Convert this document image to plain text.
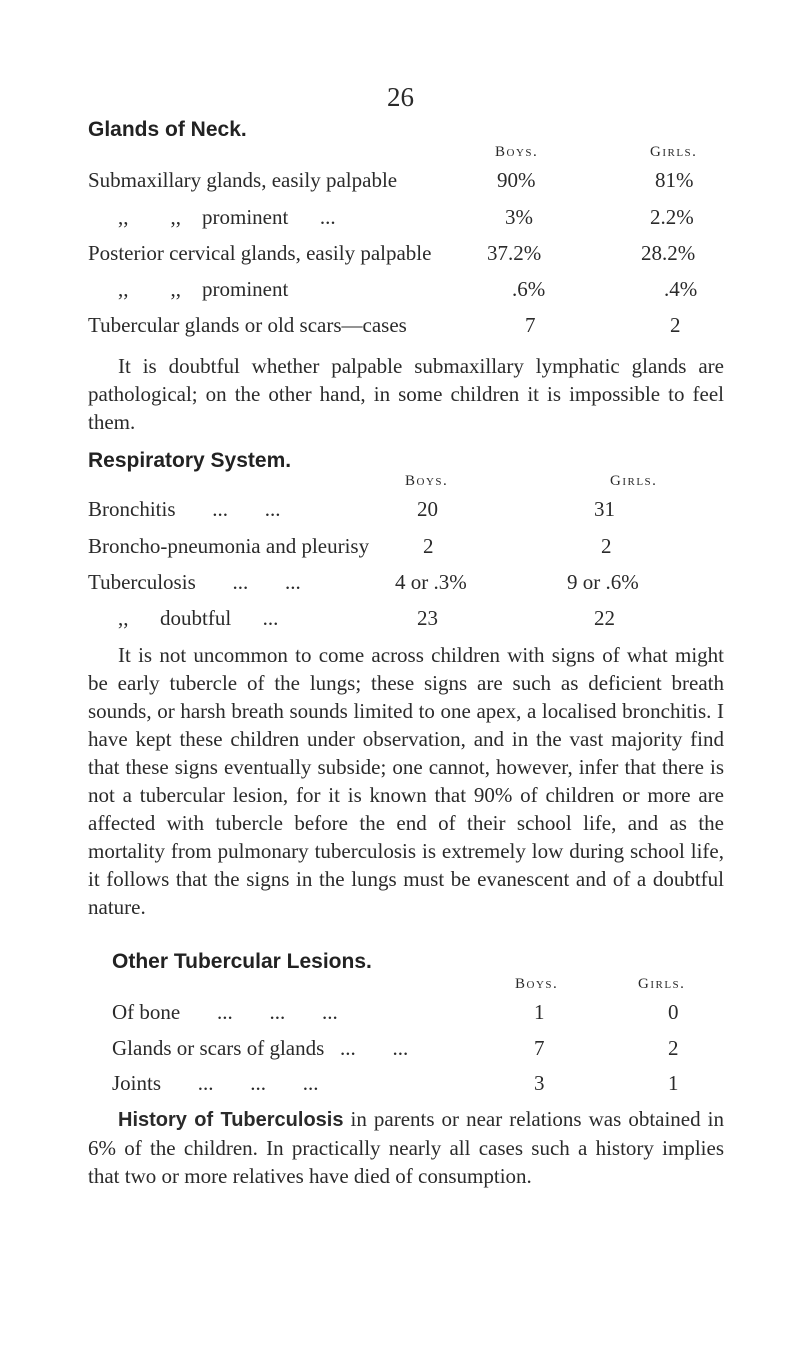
26
Glands of Neck.
Boys.	Girls.
Submaxillary glands, easily palpable	90%	81%
,,        ,,    prominent      ...	3%	2.2%
Posterior cervical glands, easily palpable	37.2%	28.2%
,,        ,,    prominent	.6%	.4%
Tubercular glands or old scars—cases	7	2

It is doubtful whether palpable submaxillary lymphatic glands are pathological; on the other hand, in some children it is impossible to feel them.

Respiratory System.
Boys.	Girls.
Bronchitis       ...       ...	20	31
Broncho-pneumonia and pleurisy	2	2
Tuberculosis       ...       ...	4 or .3%	9 or .6%
,,      doubtful      ...	23	22

It is not uncommon to come across children with signs of what might be early tubercle of the lungs; these signs are such as deficient breath sounds, or harsh breath sounds limited to one apex, a localised bronchitis. I have kept these children under observation, and in the vast majority find that these signs eventually subside; one cannot, however, infer that there is not a tubercular lesion, for it is known that 90% of children or more are affected with tubercle before the end of their school life, and as the mortality from pulmonary tuberculosis is extremely low during school life, it follows that the signs in the lungs must be evanescent and of a doubtful nature.

Other Tubercular Lesions.
Boys.	Girls.
Of bone       ...       ...       ...	1	0
Glands or scars of glands   ...       ...	7	2
Joints       ...       ...       ...	3	1

History of Tuberculosis in parents or near relations was obtained in 6% of the children. In practically nearly all cases such a history implies that two or more relatives have died of consumption.
